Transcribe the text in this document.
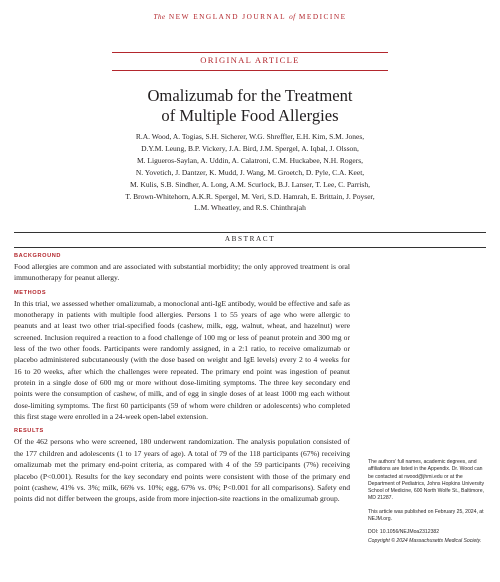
The NEW ENGLAND JOURNAL of MEDICINE
ORIGINAL ARTICLE
Omalizumab for the Treatment
of Multiple Food Allergies
R.A. Wood, A. Togias, S.H. Sicherer, W.G. Shreffler, E.H. Kim, S.M. Jones,
D.Y.M. Leung, B.P. Vickery, J.A. Bird, J.M. Spergel, A. Iqbal, J. Olsson,
M. Ligueros-Saylan, A. Uddin, A. Calatroni, C.M. Huckabee, N.H. Rogers,
N. Yovetich, J. Dantzer, K. Mudd, J. Wang, M. Groetch, D. Pyle, C.A. Keet,
M. Kulis, S.B. Sindher, A. Long, A.M. Scurlock, B.J. Lanser, T. Lee, C. Parrish,
T. Brown-Whitehorn, A.K.R. Spergel, M. Veri, S.D. Hamrah, E. Brittain, J. Poyser,
L.M. Wheatley, and R.S. Chinthrajah
ABSTRACT
BACKGROUND

Food allergies are common and are associated with substantial morbidity; the only approved treatment is oral immunotherapy for peanut allergy.

METHODS

In this trial, we assessed whether omalizumab, a monoclonal anti-IgE antibody, would be effective and safe as monotherapy in patients with multiple food allergies. Persons 1 to 55 years of age who were allergic to peanuts and at least two other trial-specified foods (cashew, milk, egg, walnut, wheat, and hazelnut) were screened. Inclusion required a reaction to a food challenge of 100 mg or less of peanut protein and 300 mg or less of the two other foods. Participants were randomly assigned, in a 2:1 ratio, to receive omalizumab or placebo administered subcutaneously (with the dose based on weight and IgE levels) every 2 to 4 weeks for 16 to 20 weeks, after which the challenges were repeated. The primary end point was ingestion of peanut protein in a single dose of 600 mg or more without dose-limiting symptoms. The three key secondary end points were the consumption of cashew, of milk, and of egg in single doses of at least 1000 mg each without dose-limiting symptoms. The first 60 participants (59 of whom were children or adolescents) who completed this first stage were enrolled in a 24-week open-label extension.

RESULTS

Of the 462 persons who were screened, 180 underwent randomization. The analysis population consisted of the 177 children and adolescents (1 to 17 years of age). A total of 79 of the 118 participants (67%) receiving omalizumab met the primary end-point criteria, as compared with 4 of the 59 participants (7%) receiving placebo (P<0.001). Results for the key secondary end points were consistent with those of the primary end point (cashew, 41% vs. 3%; milk, 66% vs. 10%; egg, 67% vs. 0%; P<0.001 for all comparisons). Safety end points did not differ between the groups, aside from more injection-site reactions in the omalizumab group.

The authors’ full names, academic degrees, and affiliations are listed in the Appendix. Dr. Wood can be contacted at rwood@jhmi.edu or at the Department of Pediatrics, Johns Hopkins University School of Medicine, 600 North Wolfe St., Baltimore, MD 21287.

This article was published on February 25, 2024, at NEJM.org.

DOI: 10.1056/NEJMoa2312382

Copyright © 2024 Massachusetts Medical Society.
